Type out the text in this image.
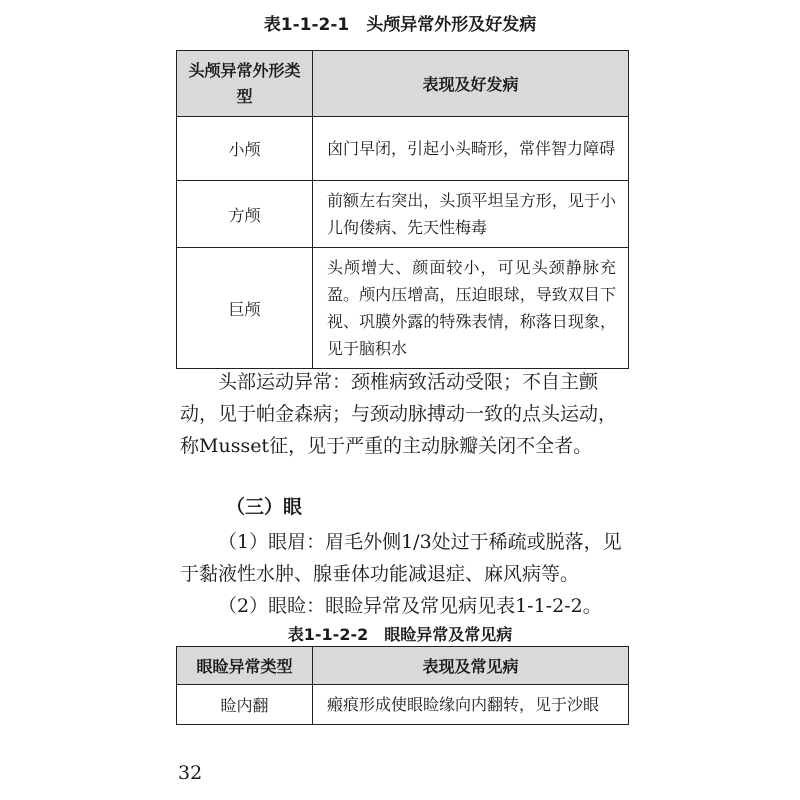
表1-1-2-1　头颅异常外形及好发病
头颅异常外形类型	表现及好发病
小颅	囟门早闭，引起小头畸形，常伴智力障碍
方颅	前额左右突出，头顶平坦呈方形，见于小儿佝偻病、先天性梅毒
巨颅	头颅增大、颜面较小，可见头颈静脉充盈。颅内压增高，压迫眼球，导致双目下视、巩膜外露的特殊表情，称落日现象，见于脑积水
头部运动异常：颈椎病致活动受限；不自主颤动，见于帕金森病；与颈动脉搏动一致的点头运动，称Musset征，见于严重的主动脉瓣关闭不全者。
（三）眼
（1）眼眉：眉毛外侧1/3处过于稀疏或脱落，见于黏液性水肿、腺垂体功能减退症、麻风病等。
（2）眼睑：眼睑异常及常见病见表1-1-2-2。
表1-1-2-2　眼睑异常及常见病
眼睑异常类型	表现及常见病
睑内翻	瘢痕形成使眼睑缘向内翻转，见于沙眼
32
